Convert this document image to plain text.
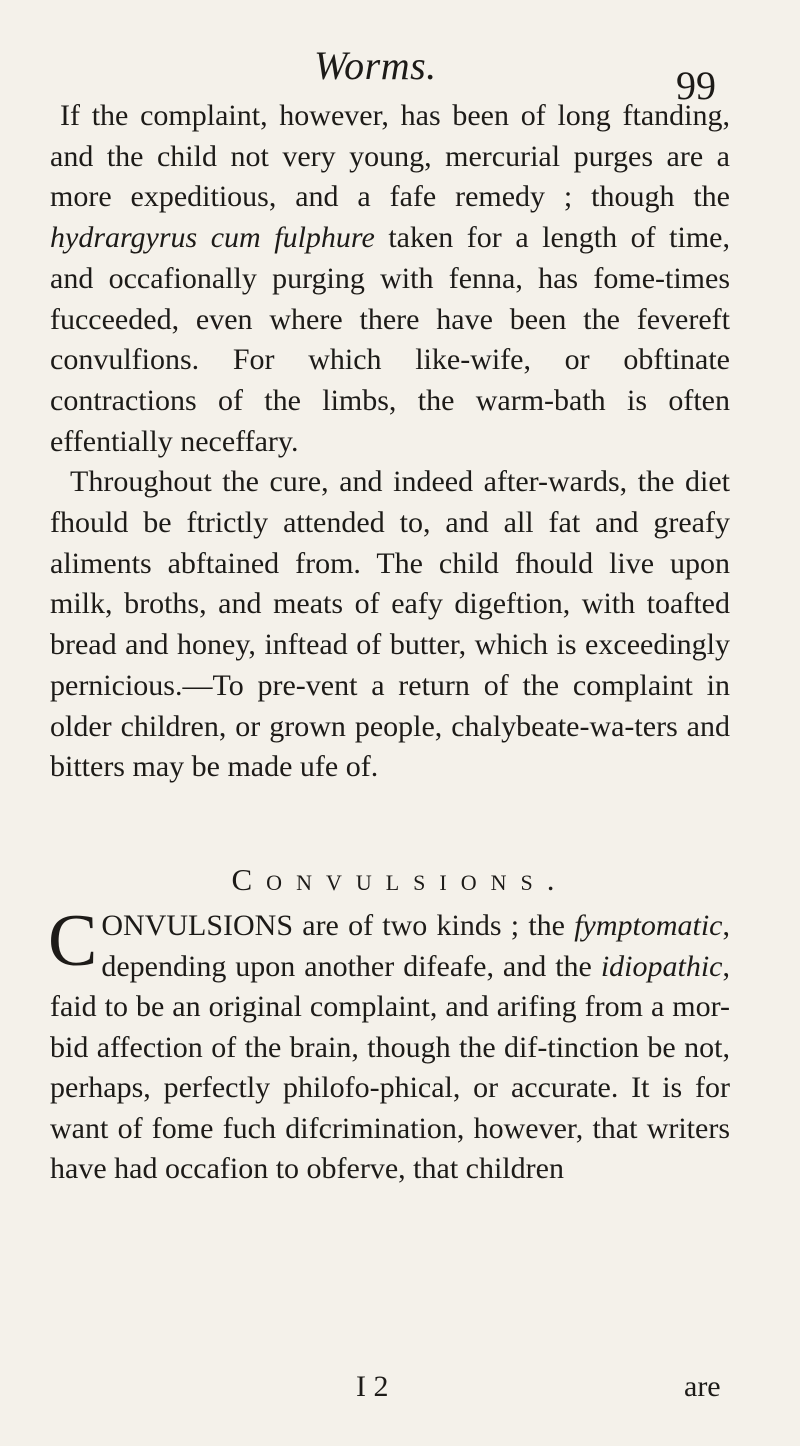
Worms.	99

If the complaint, however, has been of long ftanding, and the child not very young, mercurial purges are a more expeditious, and a fafe remedy ; though the hydrargyrus cum fulphure taken for a length of time, and occafionally purging with fenna, has fome-times fucceeded, even where there have been the fevereft convulfions. For which like-wife, or obftinate contractions of the limbs, the warm-bath is often effentially neceffary.

Throughout the cure, and indeed after-wards, the diet fhould be ftrictly attended to, and all fat and greafy aliments abftained from. The child fhould live upon milk, broths, and meats of eafy digeftion, with toafted bread and honey, inftead of butter, which is exceedingly pernicious.—To pre-vent a return of the complaint in older children, or grown people, chalybeate-wa-ters and bitters may be made ufe of.

Convulsions.

CONVULSIONS are of two kinds ; the fymptomatic, depending upon another difeafe, and the idiopathic, faid to be an original complaint, and arifing from a mor-bid affection of the brain, though the dif-tinction be not, perhaps, perfectly philofo-phical, or accurate. It is for want of fome fuch difcrimination, however, that writers have had occafion to obferve, that children

I 2	are
